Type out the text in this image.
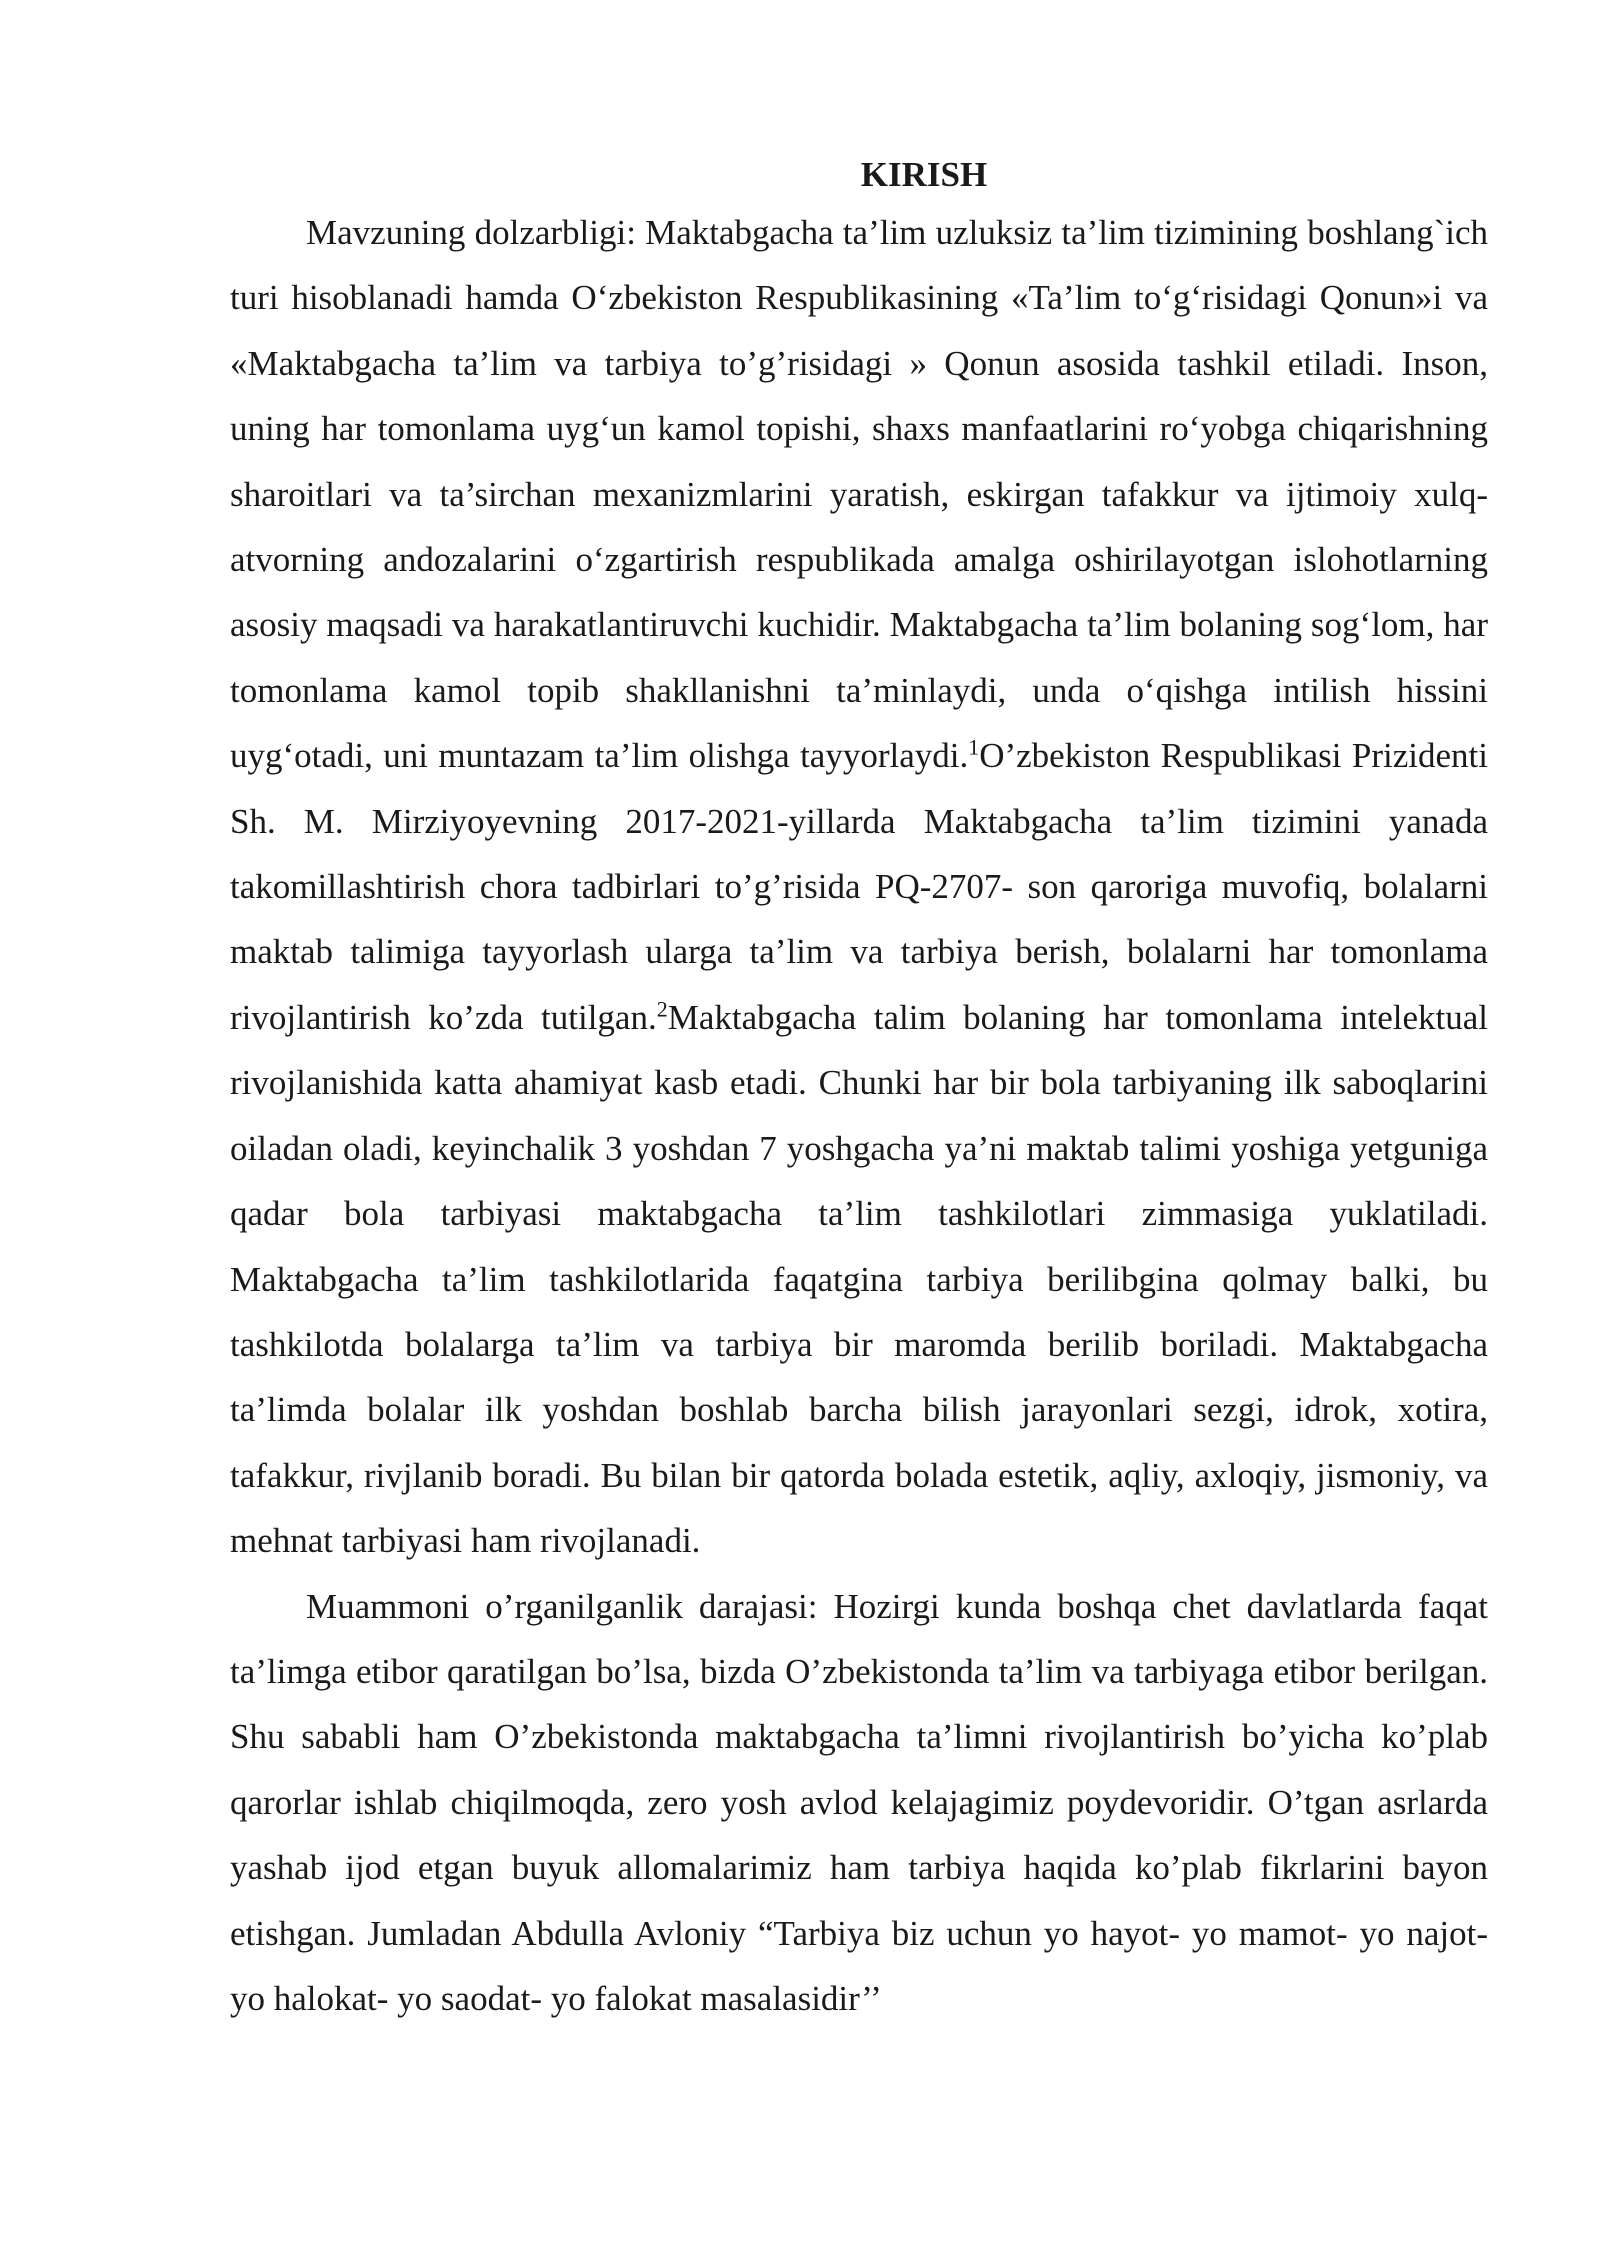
KIRISH

Mavzuning dolzarbligi: Maktabgacha ta’lim uzluksiz ta’lim tizimining boshlang`ich turi hisoblanadi hamda O‘zbekiston Respublikasining «Ta’lim to‘g‘risidagi Qonun»i va «Maktabgacha ta’lim va tarbiya to’g’risidagi » Qonun asosida tashkil etiladi. Inson, uning har tomonlama uyg‘un kamol topishi, shaxs manfaatlarini ro‘yobga chiqarishning sharoitlari va ta’sirchan mexanizmlarini yaratish, eskirgan tafakkur va ijtimoiy xulq-atvorning andozalarini o‘zgartirish respublikada amalga oshirilayotgan islohotlarning asosiy maqsadi va harakatlantiruvchi kuchidir. Maktabgacha ta’lim bolaning sog‘lom, har tomonlama kamol topib shakllanishni ta’minlaydi, unda o‘qishga intilish hissini uyg‘otadi, uni muntazam ta’lim olishga tayyorlaydi.$^1$O’zbekiston Respublikasi Prizidenti Sh. M. Mirziyoyevning 2017-2021-yillarda Maktabgacha ta’lim tizimini yanada takomillashtirish chora tadbirlari to’g’risida PQ-2707- son qaroriga muvofiq, bolalarni maktab talimiga tayyorlash ularga ta’lim va tarbiya berish, bolalarni har tomonlama rivojlantirish ko’zda tutilgan.$^2$Maktabgacha talim bolaning har tomonlama intelektual rivojlanishida katta ahamiyat kasb etadi. Chunki har bir bola tarbiyaning ilk saboqlarini oiladan oladi, keyinchalik 3 yoshdan 7 yoshgacha ya’ni maktab talimi yoshiga yetguniga qadar bola tarbiyasi maktabgacha ta’lim tashkilotlari zimmasiga yuklatiladi. Maktabgacha ta’lim tashkilotlarida faqatgina tarbiya berilibgina qolmay balki, bu tashkilotda bolalarga ta’lim va tarbiya bir maromda berilib boriladi. Maktabgacha ta’limda bolalar ilk yoshdan boshlab barcha bilish jarayonlari sezgi, idrok, xotira, tafakkur, rivjlanib boradi. Bu bilan bir qatorda bolada estetik, aqliy, axloqiy, jismoniy, va mehnat tarbiyasi ham rivojlanadi.

Muammoni o’rganilganlik darajasi: Hozirgi kunda boshqa chet davlatlarda faqat ta’limga etibor qaratilgan bo’lsa, bizda O’zbekistonda ta’lim va tarbiyaga etibor berilgan. Shu sababli ham O’zbekistonda maktabgacha ta’limni rivojlantirish bo’yicha ko’plab qarorlar ishlab chiqilmoqda, zero yosh avlod kelajagimiz poydevoridir. O’tgan asrlarda yashab ijod etgan buyuk allomalarimiz ham tarbiya haqida ko’plab fikrlarini bayon etishgan. Jumladan Abdulla Avloniy “Tarbiya biz uchun yo hayot- yo mamot- yo najot- yo halokat- yo saodat- yo falokat masalasidir’’
